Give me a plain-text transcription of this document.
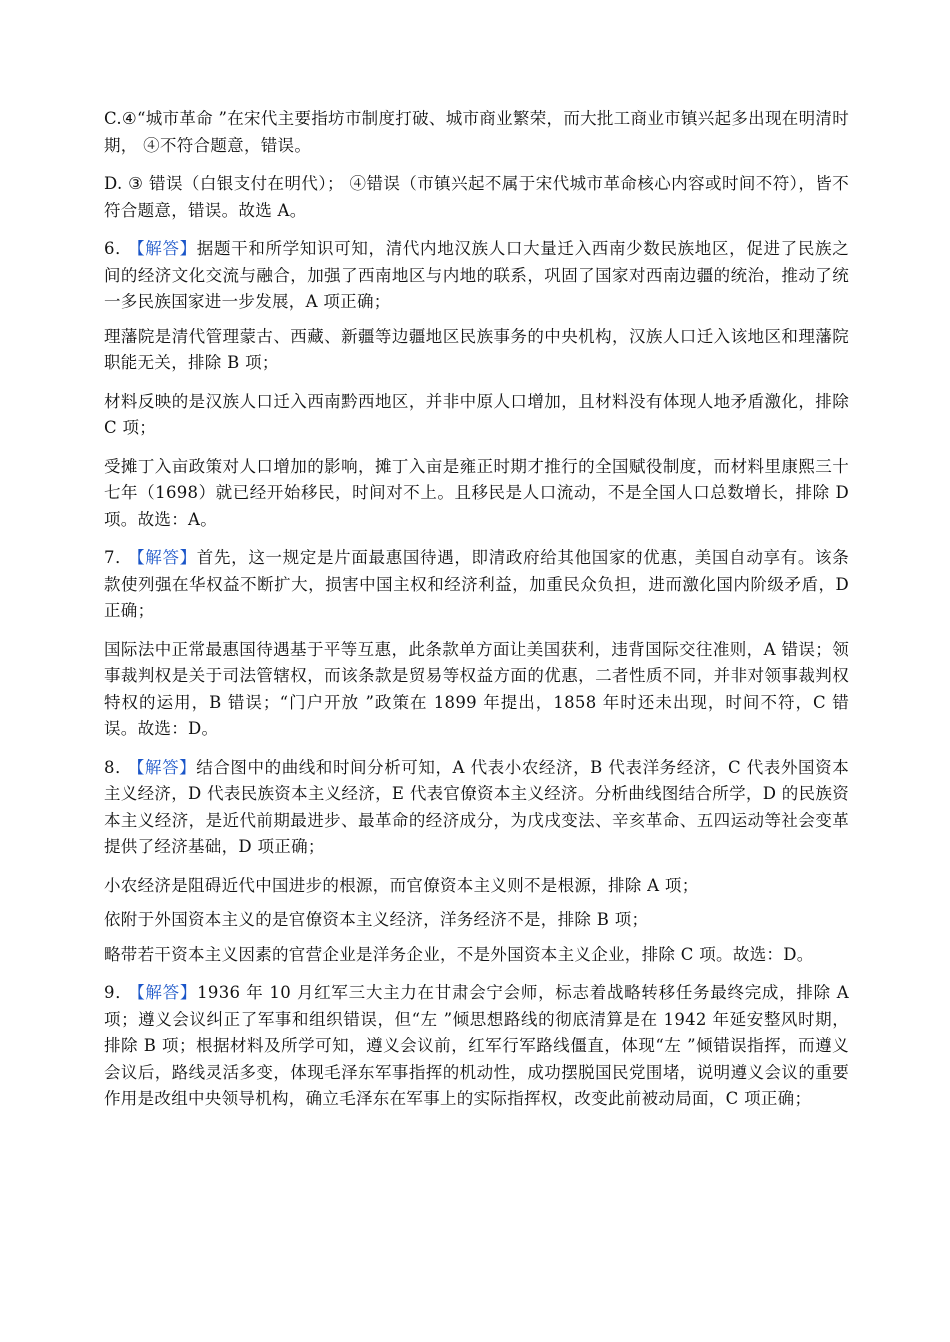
C.④“城市革命 ”在宋代主要指坊市制度打破、城市商业繁荣，而大批工商业市镇兴起多出现在明清时期， ④不符合题意，错误。

D. ③ 错误（白银支付在明代）； ④错误（市镇兴起不属于宋代城市革命核心内容或时间不符），皆不符合题意，错误。故选 A。

6． 【解答】据题干和所学知识可知，清代内地汉族人口大量迁入西南少数民族地区，促进了民族之间的经济文化交流与融合，加强了西南地区与内地的联系，巩固了国家对西南边疆的统治，推动了统一多民族国家进一步发展，A 项正确；

理藩院是清代管理蒙古、西藏、新疆等边疆地区民族事务的中央机构，汉族人口迁入该地区和理藩院职能无关，排除 B 项；

材料反映的是汉族人口迁入西南黔西地区，并非中原人口增加，且材料没有体现人地矛盾激化，排除 C 项；

受摊丁入亩政策对人口增加的影响，摊丁入亩是雍正时期才推行的全国赋役制度，而材料里康熙三十七年（1698）就已经开始移民，时间对不上。且移民是人口流动，不是全国人口总数增长，排除 D 项。故选：A。

7． 【解答】首先，这一规定是片面最惠国待遇，即清政府给其他国家的优惠，美国自动享有。该条款使列强在华权益不断扩大，损害中国主权和经济利益，加重民众负担，进而激化国内阶级矛盾，D 正确；

国际法中正常最惠国待遇基于平等互惠，此条款单方面让美国获利，违背国际交往准则，A 错误；领事裁判权是关于司法管辖权，而该条款是贸易等权益方面的优惠，二者性质不同，并非对领事裁判权特权的运用，B 错误；“门户开放 ”政策在 1899 年提出，1858 年时还未出现，时间不符，C 错误。故选：D。

8． 【解答】结合图中的曲线和时间分析可知，A 代表小农经济，B 代表洋务经济，C 代表外国资本主义经济，D 代表民族资本主义经济，E 代表官僚资本主义经济。分析曲线图结合所学，D 的民族资本主义经济，是近代前期最进步、最革命的经济成分，为戊戌变法、辛亥革命、五四运动等社会变革提供了经济基础，D 项正确；

小农经济是阻碍近代中国进步的根源，而官僚资本主义则不是根源，排除 A 项；

依附于外国资本主义的是官僚资本主义经济，洋务经济不是，排除 B 项；

略带若干资本主义因素的官营企业是洋务企业，不是外国资本主义企业，排除 C 项。故选：D。

9． 【解答】1936 年 10 月红军三大主力在甘肃会宁会师，标志着战略转移任务最终完成，排除 A 项；遵义会议纠正了军事和组织错误，但“左 ”倾思想路线的彻底清算是在 1942 年延安整风时期，排除 B 项；根据材料及所学可知，遵义会议前，红军行军路线僵直，体现“左 ”倾错误指挥，而遵义会议后，路线灵活多变，体现毛泽东军事指挥的机动性，成功摆脱国民党围堵，说明遵义会议的重要作用是改组中央领导机构，确立毛泽东在军事上的实际指挥权，改变此前被动局面，C 项正确；
